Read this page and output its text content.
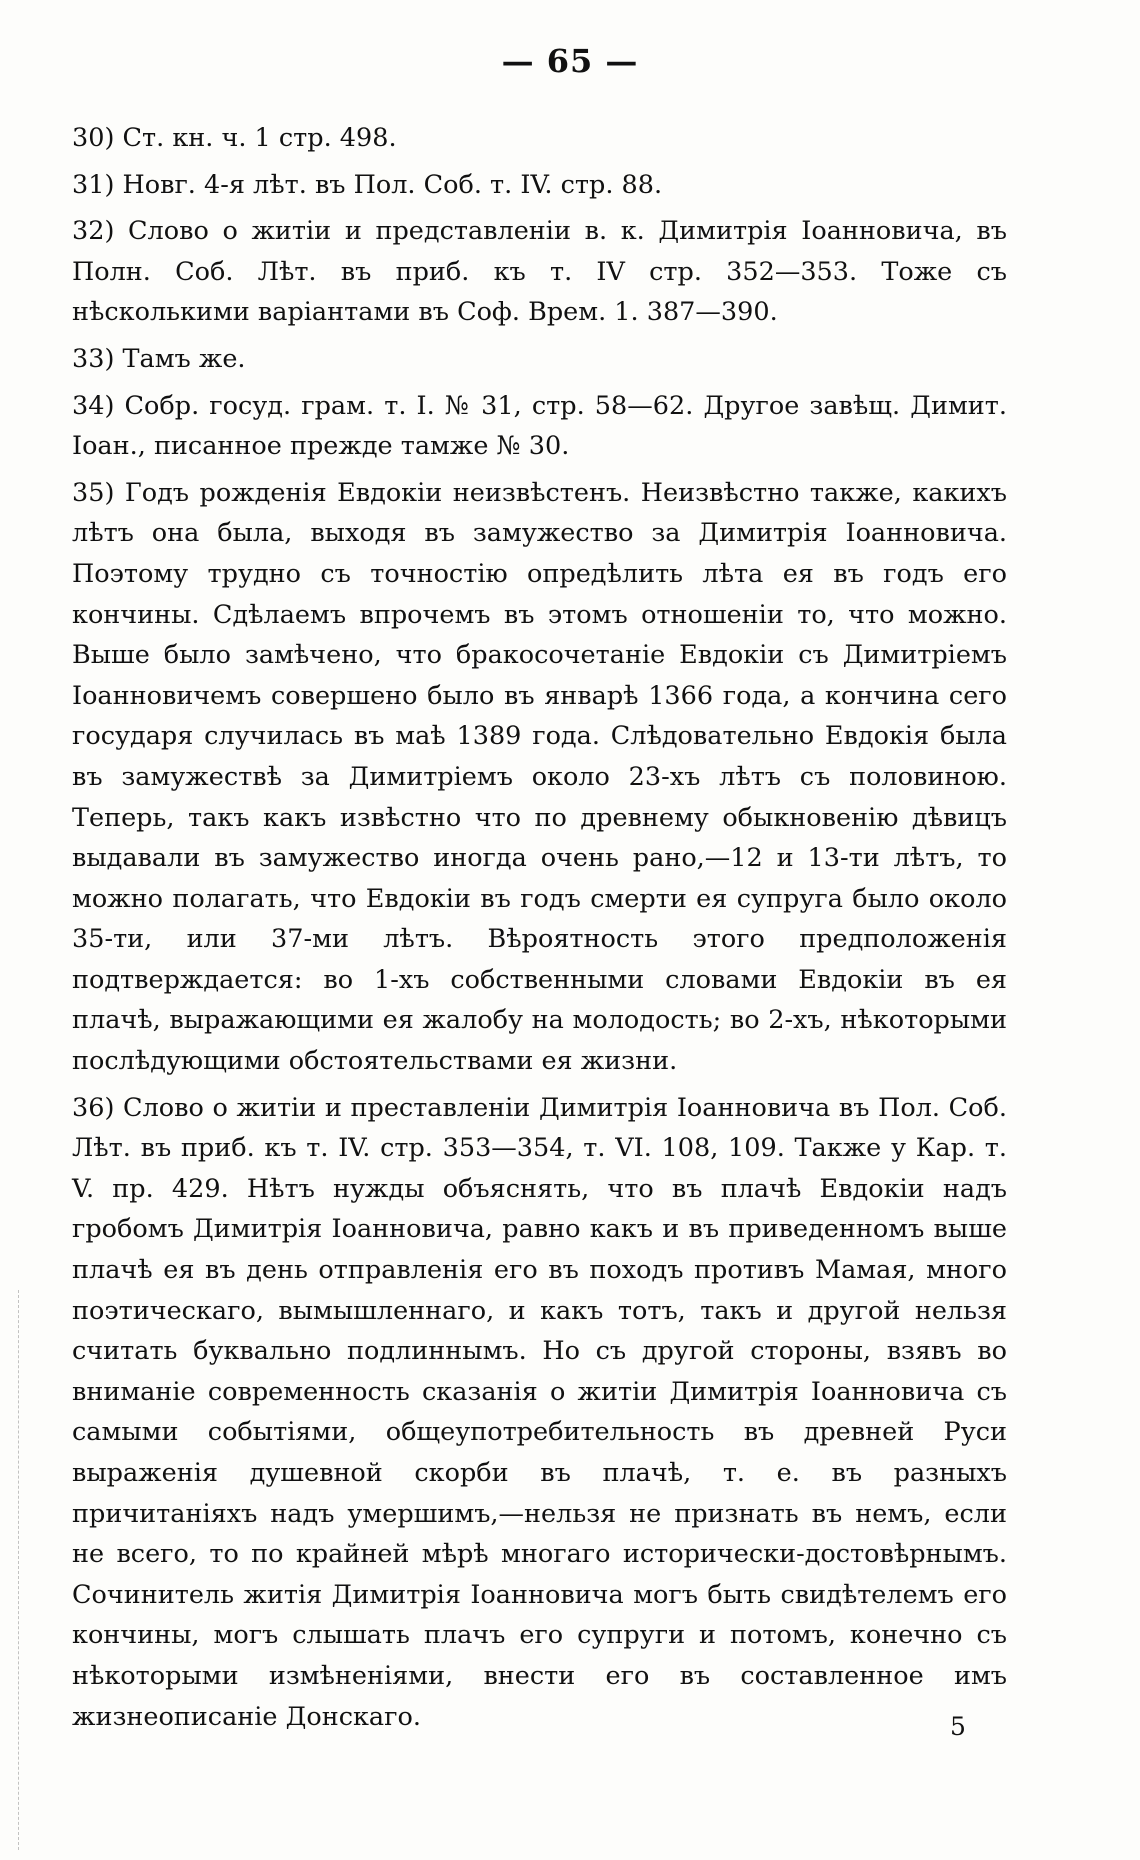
— 65 —

30) Ст. кн. ч. 1 стр. 498.

31) Новг. 4-я лѣт. въ Пол. Соб. т. IV. стр. 88.

32) Слово о житіи и представленіи в. к. Димитрія Іоанновича, въ Полн. Соб. Лѣт. въ приб. къ т. IV стр. 352—353. Тоже съ нѣсколькими варіантами въ Соф. Врем. 1. 387—390.

33) Тамъ же.

34) Собр. госуд. грам. т. I. № 31, стр. 58—62. Другое завѣщ. Димит. Іоан., писанное прежде тамже № 30.

35) Годъ рожденія Евдокіи неизвѣстенъ. Неизвѣстно также, какихъ лѣтъ она была, выходя въ замужество за Димитрія Іоанновича. Поэтому трудно съ точностію опредѣлить лѣта ея въ годъ его кончины. Сдѣлаемъ впрочемъ въ этомъ отношеніи то, что можно. Выше было замѣчено, что бракосочетаніе Евдокіи съ Димитріемъ Іоанновичемъ совершено было въ январѣ 1366 года, а кончина сего государя случилась въ маѣ 1389 года. Слѣдовательно Евдокія была въ замужествѣ за Димитріемъ около 23-хъ лѣтъ съ половиною. Теперь, такъ какъ извѣстно что по древнему обыкновенію дѣвицъ выдавали въ замужество иногда очень рано,—12 и 13-ти лѣтъ, то можно полагать, что Евдокіи въ годъ смерти ея супруга было около 35-ти, или 37-ми лѣтъ. Вѣроятность этого предположенія подтверждается: во 1-хъ собственными словами Евдокіи въ ея плачѣ, выражающими ея жалобу на молодость; во 2-хъ, нѣкоторыми послѣдующими обстоятельствами ея жизни.

36) Слово о житіи и преставленіи Димитрія Іоанновича въ Пол. Соб. Лѣт. въ приб. къ т. IV. стр. 353—354, т. VI. 108, 109. Также у Кар. т. V. пр. 429. Нѣтъ нужды объяснять, что въ плачѣ Евдокіи надъ гробомъ Димитрія Іоанновича, равно какъ и въ приведенномъ выше плачѣ ея въ день отправленія его въ походъ противъ Мамая, много поэтическаго, вымышленнаго, и какъ тотъ, такъ и другой нельзя считать буквально подлиннымъ. Но съ другой стороны, взявъ во вниманіе современность сказанія о житіи Димитрія Іоанновича съ самыми событіями, общеупотребительность въ древней Руси выраженія душевной скорби въ плачѣ, т. е. въ разныхъ причитаніяхъ надъ умершимъ,—нельзя не признать въ немъ, если не всего, то по крайней мѣрѣ многаго исторически-достовѣрнымъ. Сочинитель житія Димитрія Іоанновича могъ быть свидѣтелемъ его кончины, могъ слышать плачъ его супруги и потомъ, конечно съ нѣкоторыми измѣненіями, внести его въ составленное имъ жизнеописаніе Донскаго.	5
